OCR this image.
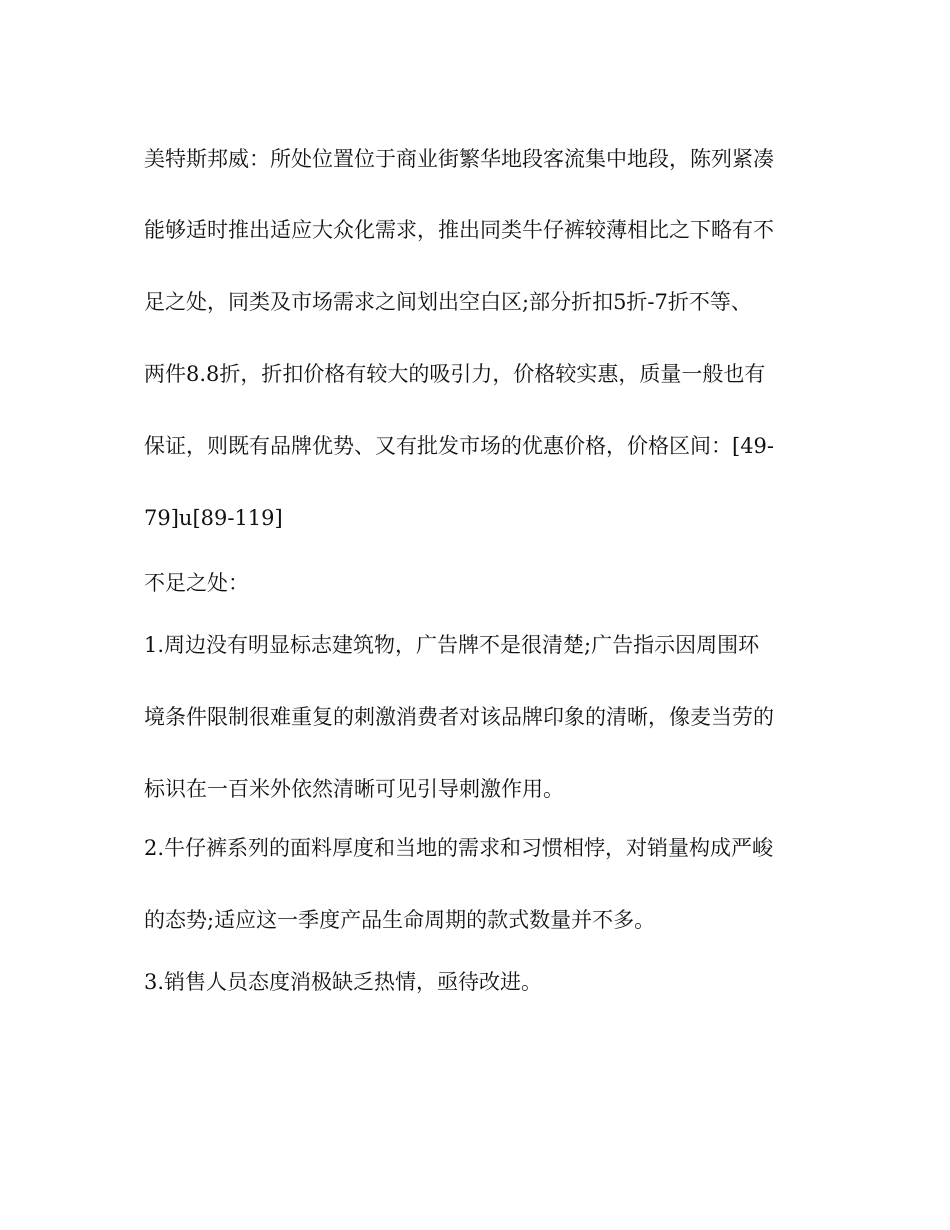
美特斯邦威：所处位置位于商业街繁华地段客流集中地段，陈列紧凑
能够适时推出适应大众化需求，推出同类牛仔裤较薄相比之下略有不
足之处，同类及市场需求之间划出空白区;部分折扣5折-7折不等、
两件8.8折，折扣价格有较大的吸引力，价格较实惠，质量一般也有
保证，则既有品牌优势、又有批发市场的优惠价格，价格区间：[49-
79]u[89-119]
不足之处：
1.周边没有明显标志建筑物，广告牌不是很清楚;广告指示因周围环
境条件限制很难重复的刺激消费者对该品牌印象的清晰，像麦当劳的
标识在一百米外依然清晰可见引导刺激作用。
2.牛仔裤系列的面料厚度和当地的需求和习惯相悖，对销量构成严峻
的态势;适应这一季度产品生命周期的款式数量并不多。
3.销售人员态度消极缺乏热情，亟待改进。
